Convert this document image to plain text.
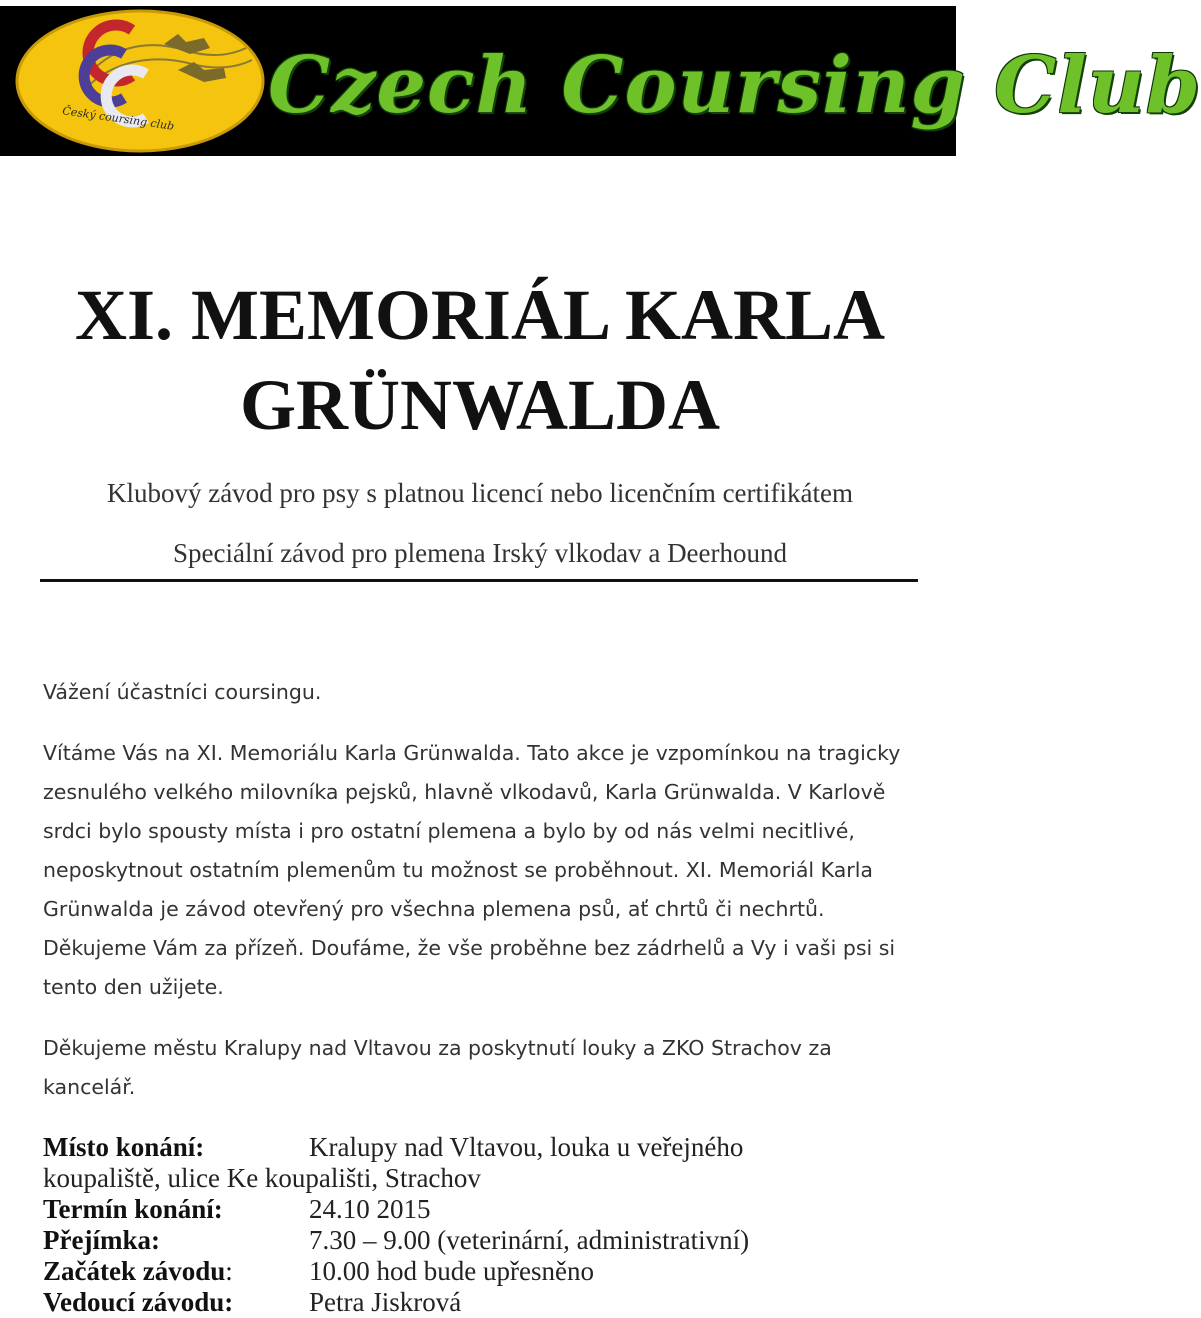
Český coursing club Czech Coursing Club
XI. MEMORIÁL KARLA
GRÜNWALDA

Klubový závod pro psy s platnou licencí nebo licenčním certifikátem

Speciální závod pro plemena Irský vlkodav a Deerhound

Vážení účastníci coursingu.

Vítáme Vás na XI. Memoriálu Karla Grünwalda. Tato akce je vzpomínkou na tragicky zesnulého velkého milovníka pejsků, hlavně vlkodavů, Karla Grünwalda. V Karlově srdci bylo spousty místa i pro ostatní plemena a bylo by od nás velmi necitlivé, neposkytnout ostatním plemenům tu možnost se proběhnout. XI. Memoriál Karla Grünwalda je závod otevřený pro všechna plemena psů, ať chrtů či nechrtů. Děkujeme Vám za přízeň. Doufáme, že vše proběhne bez zádrhelů a Vy i vaši psi si tento den užijete.

Děkujeme městu Kralupy nad Vltavou za poskytnutí louky a ZKO Strachov za kancelář.

Místo konání:	Kralupy nad Vltavou, louka u veřejného
koupaliště, ulice Ke koupališti, Strachov
Termín konání:	24.10 2015
Přejímka:	7.30 – 9.00 (veterinární, administrativní)
Začátek závodu:	10.00 hod bude upřesněno
Vedoucí závodu:	Petra Jiskrová
